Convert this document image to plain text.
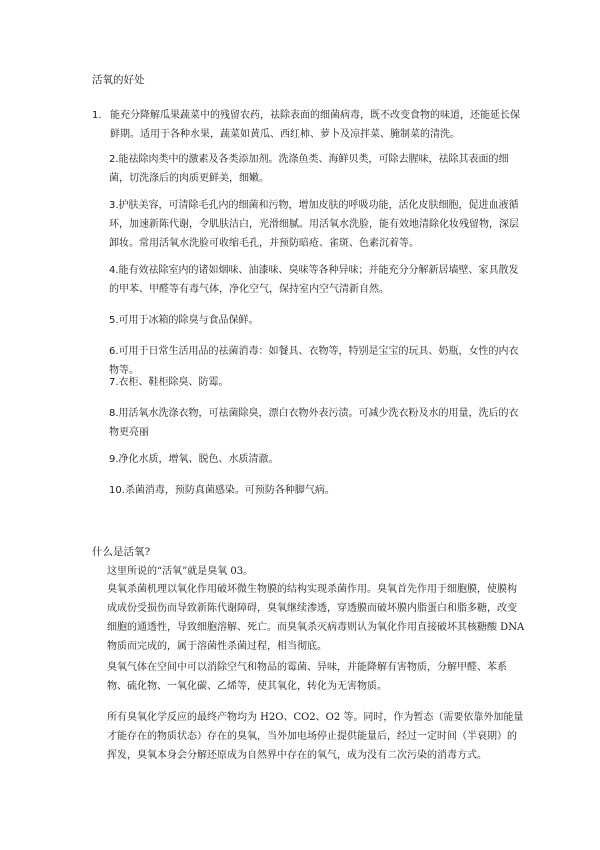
活氧的好处
1. 能充分降解瓜果蔬菜中的残留农药，祛除表面的细菌病毒，既不改变食物的味道，还能延长保鲜期。适用于各种水果，蔬菜如黄瓜、西红柿、萝卜及凉拌菜、腌制菜的清洗。
2.能祛除肉类中的激素及各类添加剂。洗涤鱼类、海鲜贝类，可除去腥味，祛除其表面的细菌，切洗涤后的肉质更鲜美，细嫩。
3.护肤美容，可清除毛孔内的细菌和污物，增加皮肤的呼吸功能，活化皮肤细胞，促进血液循环，加速新陈代谢，令肌肤洁白，光滑细腻。用活氧水洗脸，能有效地清除化妆残留物，深层卸妆。常用活氧水洗脸可收缩毛孔，并预防暗疮、雀斑、色素沉着等。
4.能有效祛除室内的诸如烟味、油漆味、臭味等各种异味；并能充分分解新居墙壁、家具散发的甲苯、甲醛等有毒气体，净化空气，保持室内空气清新自然。
5.可用于冰箱的除臭与食品保鲜。
6.可用于日常生活用品的祛菌消毒：如餐具、衣物等，特别是宝宝的玩具、奶瓶，女性的内衣物等。
7.衣柜、鞋柜除臭、防霉。
8.用活氧水洗涤衣物，可祛菌除臭，漂白衣物外表污渍。可减少洗衣粉及水的用量，洗后的衣物更亮丽
9.净化水质，增氧、脱色、水质清澈。
10.杀菌消毒，预防真菌感染。可预防各种脚气病。
什么是活氧?
这里所说的“活氧”就是臭氧 03。
臭氧杀菌机理以氧化作用破坏微生物膜的结构实现杀菌作用。臭氧首先作用于细胞膜，使膜构成成份受损伤而导致新陈代谢障碍，臭氧继续渗透，穿透膜而破坏膜内脂蛋白和脂多糖，改变细胞的通透性，导致细胞溶解、死亡。而臭氧杀灭病毒则认为氧化作用直接破坏其核糖酸 DNA 物质而完成的，属于溶菌性杀菌过程，相当彻底。
臭氧气体在空间中可以消除空气和物品的霉菌、异味，并能降解有害物质，分解甲醛、苯系物、硫化物、一氧化碳、乙烯等，使其氧化，转化为无害物质。
所有臭氧化学反应的最终产物均为 H2O、CO2、O2 等。同时，作为暂态（需要依靠外加能量才能存在的物质状态）存在的臭氧，当外加电场停止提供能量后，经过一定时间（半衰期）的挥发，臭氧本身会分解还原成为自然界中存在的氧气，成为没有二次污染的消毒方式。
